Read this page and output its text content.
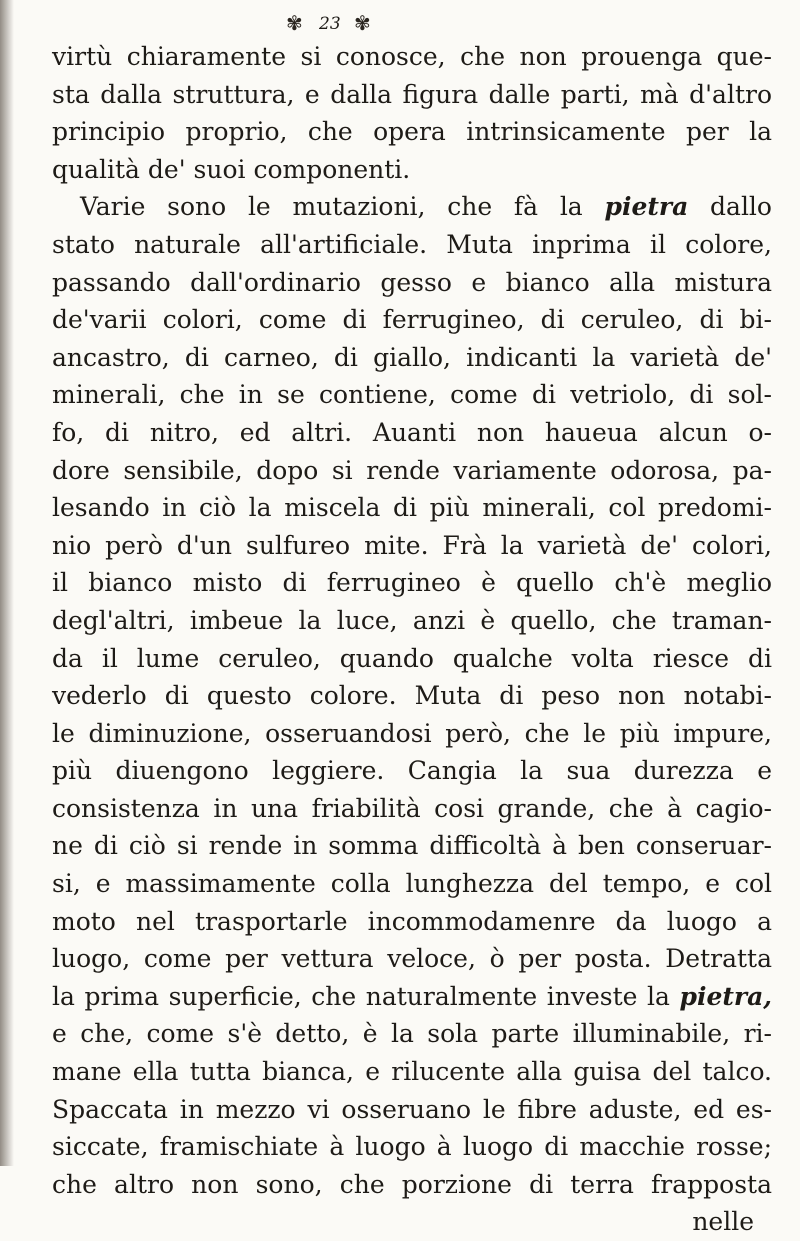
✾ 23 ✾
virtù chiaramente si conosce, che non prouenga que-
sta dalla struttura, e dalla figura dalle parti, mà d'altro
principio proprio, che opera intrinsicamente per la
qualità de' suoi componenti.
Varie sono le mutazioni, che fà la pietra dallo
stato naturale all'artificiale. Muta inprima il colore,
passando dall'ordinario gesso e bianco alla mistura
de'varii colori, come di ferrugineo, di ceruleo, di bi-
ancastro, di carneo, di giallo, indicanti la varietà de'
minerali, che in se contiene, come di vetriolo, di sol-
fo, di nitro, ed altri. Auanti non haueua alcun o-
dore sensibile, dopo si rende variamente odorosa, pa-
lesando in ciò la miscela di più minerali, col predomi-
nio però d'un sulfureo mite. Frà la varietà de' colori,
il bianco misto di ferrugineo è quello ch'è meglio
degl'altri, imbeue la luce, anzi è quello, che traman-
da il lume ceruleo, quando qualche volta riesce di
vederlo di questo colore. Muta di peso non notabi-
le diminuzione, osseruandosi però, che le più impure,
più diuengono leggiere. Cangia la sua durezza e
consistenza in una friabilità cosi grande, che à cagio-
ne di ciò si rende in somma difficoltà à ben conseruar-
si, e massimamente colla lunghezza del tempo, e col
moto nel trasportarle incommodamenre da luogo a
luogo, come per vettura veloce, ò per posta. Detratta
la prima superficie, che naturalmente investe la pietra,
e che, come s'è detto, è la sola parte illuminabile, ri-
mane ella tutta bianca, e rilucente alla guisa del talco.
Spaccata in mezzo vi osseruano le fibre aduste, ed es-
siccate, framischiate à luogo à luogo di macchie rosse;
che altro non sono, che porzione di terra frapposta
nelle
